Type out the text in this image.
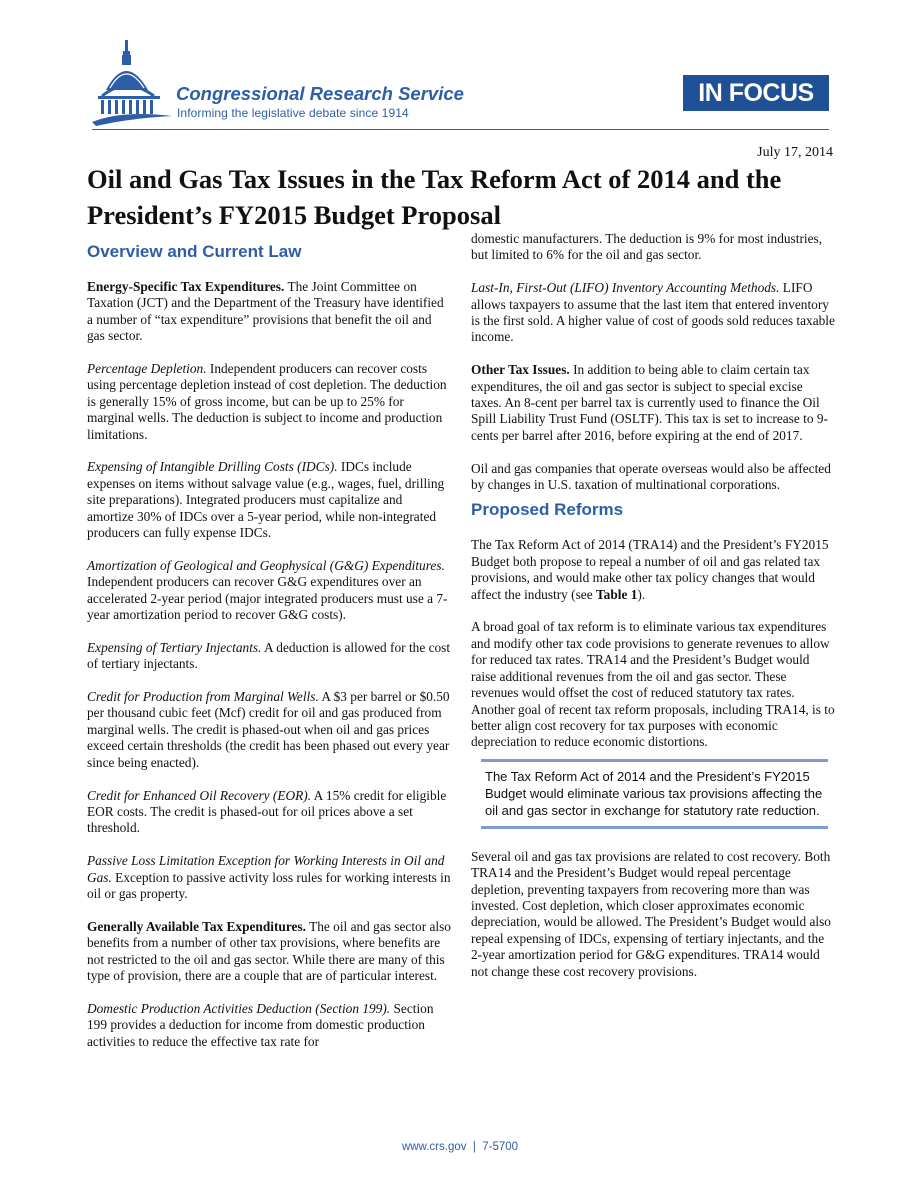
Congressional Research Service
Informing the legislative debate since 1914
IN FOCUS
July 17, 2014
Oil and Gas Tax Issues in the Tax Reform Act of 2014 and the President’s FY2015 Budget Proposal
Overview and Current Law

Energy-Specific Tax Expenditures. The Joint Committee on Taxation (JCT) and the Department of the Treasury have identified a number of “tax expenditure” provisions that benefit the oil and gas sector.

Percentage Depletion. Independent producers can recover costs using percentage depletion instead of cost depletion. The deduction is generally 15% of gross income, but can be up to 25% for marginal wells. The deduction is subject to income and production limitations.

Expensing of Intangible Drilling Costs (IDCs). IDCs include expenses on items without salvage value (e.g., wages, fuel, drilling site preparations). Integrated producers must capitalize and amortize 30% of IDCs over a 5-year period, while non-integrated producers can fully expense IDCs.

Amortization of Geological and Geophysical (G&G) Expenditures. Independent producers can recover G&G expenditures over an accelerated 2-year period (major integrated producers must use a 7-year amortization period to recover G&G costs).

Expensing of Tertiary Injectants. A deduction is allowed for the cost of tertiary injectants.

Credit for Production from Marginal Wells. A $3 per barrel or $0.50 per thousand cubic feet (Mcf) credit for oil and gas produced from marginal wells. The credit is phased-out when oil and gas prices exceed certain thresholds (the credit has been phased out every year since being enacted).

Credit for Enhanced Oil Recovery (EOR). A 15% credit for eligible EOR costs. The credit is phased-out for oil prices above a set threshold.

Passive Loss Limitation Exception for Working Interests in Oil and Gas. Exception to passive activity loss rules for working interests in oil or gas property.

Generally Available Tax Expenditures. The oil and gas sector also benefits from a number of other tax provisions, where benefits are not restricted to the oil and gas sector. While there are many of this type of provision, there are a couple that are of particular interest.

Domestic Production Activities Deduction (Section 199). Section 199 provides a deduction for income from domestic production activities to reduce the effective tax rate for

domestic manufacturers. The deduction is 9% for most industries, but limited to 6% for the oil and gas sector.

Last-In, First-Out (LIFO) Inventory Accounting Methods. LIFO allows taxpayers to assume that the last item that entered inventory is the first sold. A higher value of cost of goods sold reduces taxable income.

Other Tax Issues. In addition to being able to claim certain tax expenditures, the oil and gas sector is subject to special excise taxes. An 8-cent per barrel tax is currently used to finance the Oil Spill Liability Trust Fund (OSLTF). This tax is set to increase to 9-cents per barrel after 2016, before expiring at the end of 2017.

Oil and gas companies that operate overseas would also be affected by changes in U.S. taxation of multinational corporations.

Proposed Reforms

The Tax Reform Act of 2014 (TRA14) and the President’s FY2015 Budget both propose to repeal a number of oil and gas related tax provisions, and would make other tax policy changes that would affect the industry (see Table 1).

A broad goal of tax reform is to eliminate various tax expenditures and modify other tax code provisions to generate revenues to allow for reduced tax rates. TRA14 and the President’s Budget would raise additional revenues from the oil and gas sector. These revenues would offset the cost of reduced statutory tax rates. Another goal of recent tax reform proposals, including TRA14, is to better align cost recovery for tax purposes with economic depreciation to reduce economic distortions.

The Tax Reform Act of 2014 and the President’s FY2015 Budget would eliminate various tax provisions affecting the oil and gas sector in exchange for statutory rate reduction.

Several oil and gas tax provisions are related to cost recovery. Both TRA14 and the President’s Budget would repeal percentage depletion, preventing taxpayers from recovering more than was invested. Cost depletion, which closer approximates economic depreciation, would be allowed. The President’s Budget would also repeal expensing of IDCs, expensing of tertiary injectants, and the 2-year amortization period for G&G expenditures. TRA14 would not change these cost recovery provisions.

www.crs.gov  |  7-5700
